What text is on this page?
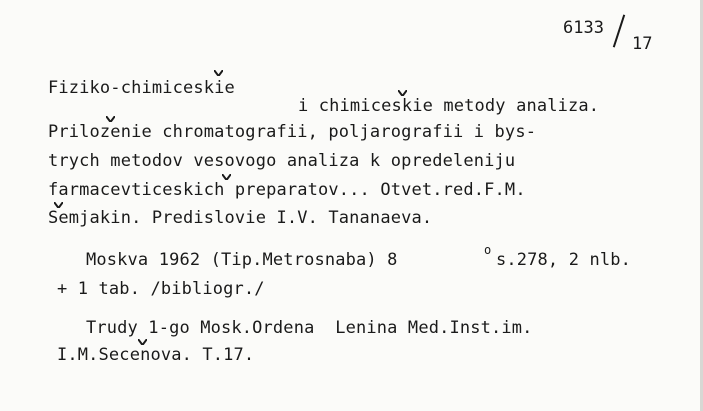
6133
17
Fiziko-chimiceskie
i chimiceskie metody analiza.
Prilozenie chromatografii, poljarografii i bys-
trych metodov vesovogo analiza k opredeleniju
farmacevticeskich preparatov... Otvet.red.F.M.
Semjakin. Predislovie I.V. Tananaeva.
Moskva 1962 (Tip.Metrosnaba) 8	o s.278, 2 nlb.
+ 1 tab. /bibliogr./
Trudy 1-go Mosk.Ordena  Lenina Med.Inst.im.
I.M.Secenova. T.17.
